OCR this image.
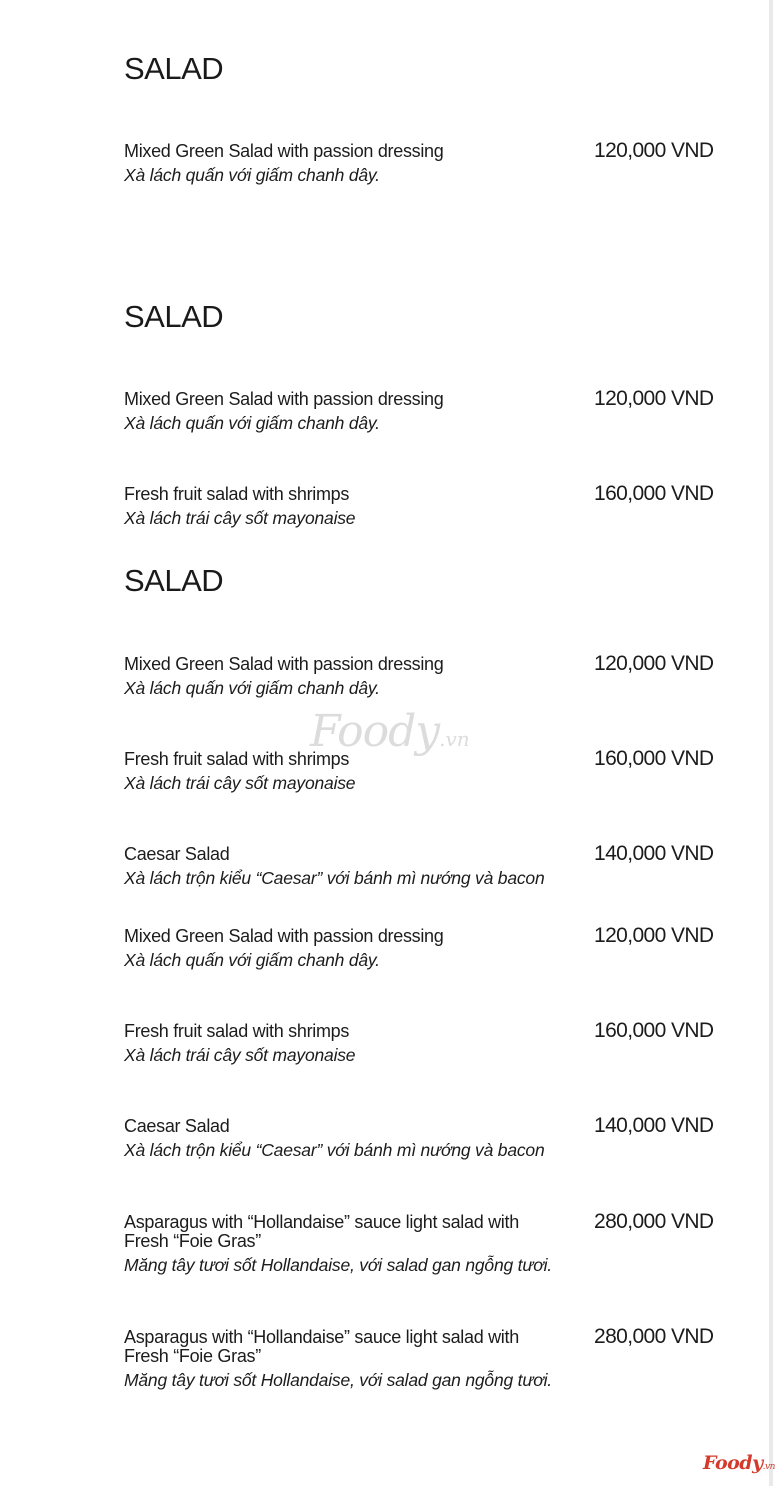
SALAD
Mixed Green Salad with passion dressing
Xà lách quấn với giấm chanh dây.
120,000 VND
SALAD
Mixed Green Salad with passion dressing
Xà lách quấn với giấm chanh dây.
120,000 VND
Fresh fruit salad with shrimps
Xà lách trái cây sốt mayonaise
160,000 VND
SALAD
Mixed Green Salad with passion dressing
Xà lách quấn với giấm chanh dây.
120,000 VND
Foody.vn
Fresh fruit salad with shrimps
Xà lách trái cây sốt mayonaise
160,000 VND
Caesar Salad
Xà lách trộn kiểu “Caesar” với bánh mì nướng và bacon
140,000 VND
Mixed Green Salad with passion dressing
Xà lách quấn với giấm chanh dây.
120,000 VND
Fresh fruit salad with shrimps
Xà lách trái cây sốt mayonaise
160,000 VND
Caesar Salad
Xà lách trộn kiểu “Caesar” với bánh mì nướng và bacon
140,000 VND
Asparagus with “Hollandaise” sauce light salad with Fresh “Foie Gras”
Măng tây tươi sốt Hollandaise, với salad gan ngỗng tươi.
280,000 VND
Asparagus with “Hollandaise” sauce light salad with Fresh “Foie Gras”
Măng tây tươi sốt Hollandaise, với salad gan ngỗng tươi.
280,000 VND
Foody.vn
